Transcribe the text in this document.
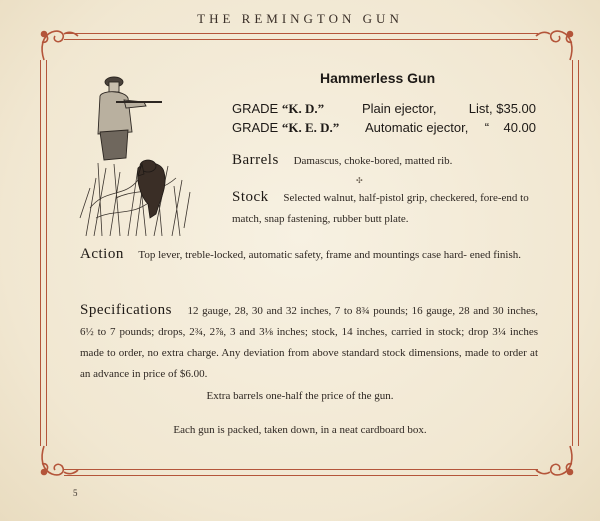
THE REMINGTON GUN
Hammerless Gun
GRADE “K. D.”	Plain ejector, List, $35.00
GRADE “K. E. D.” Automatic ejector, “    40.00
Barrels Damascus, choke-bored, matted rib.
✣
Stock Selected walnut, half-pistol grip, checkered, fore-end to match, snap fastening, rubber butt plate.
Action Top lever, treble-locked, automatic safety, frame and mountings case hard- ened finish.
Specifications 12 gauge, 28, 30 and 32 inches, 7 to 8¾ pounds; 16 gauge, 28 and 30 inches, 6½ to 7 pounds; drops, 2¾, 2⅞, 3 and 3⅛ inches; stock, 14 inches, carried in stock; drop 3¼ inches made to order, no extra charge. Any deviation from above standard stock dimensions, made to order at an advance in price of $6.00.
Extra barrels one-half the price of the gun.
Each gun is packed, taken down, in a neat cardboard box.
5
